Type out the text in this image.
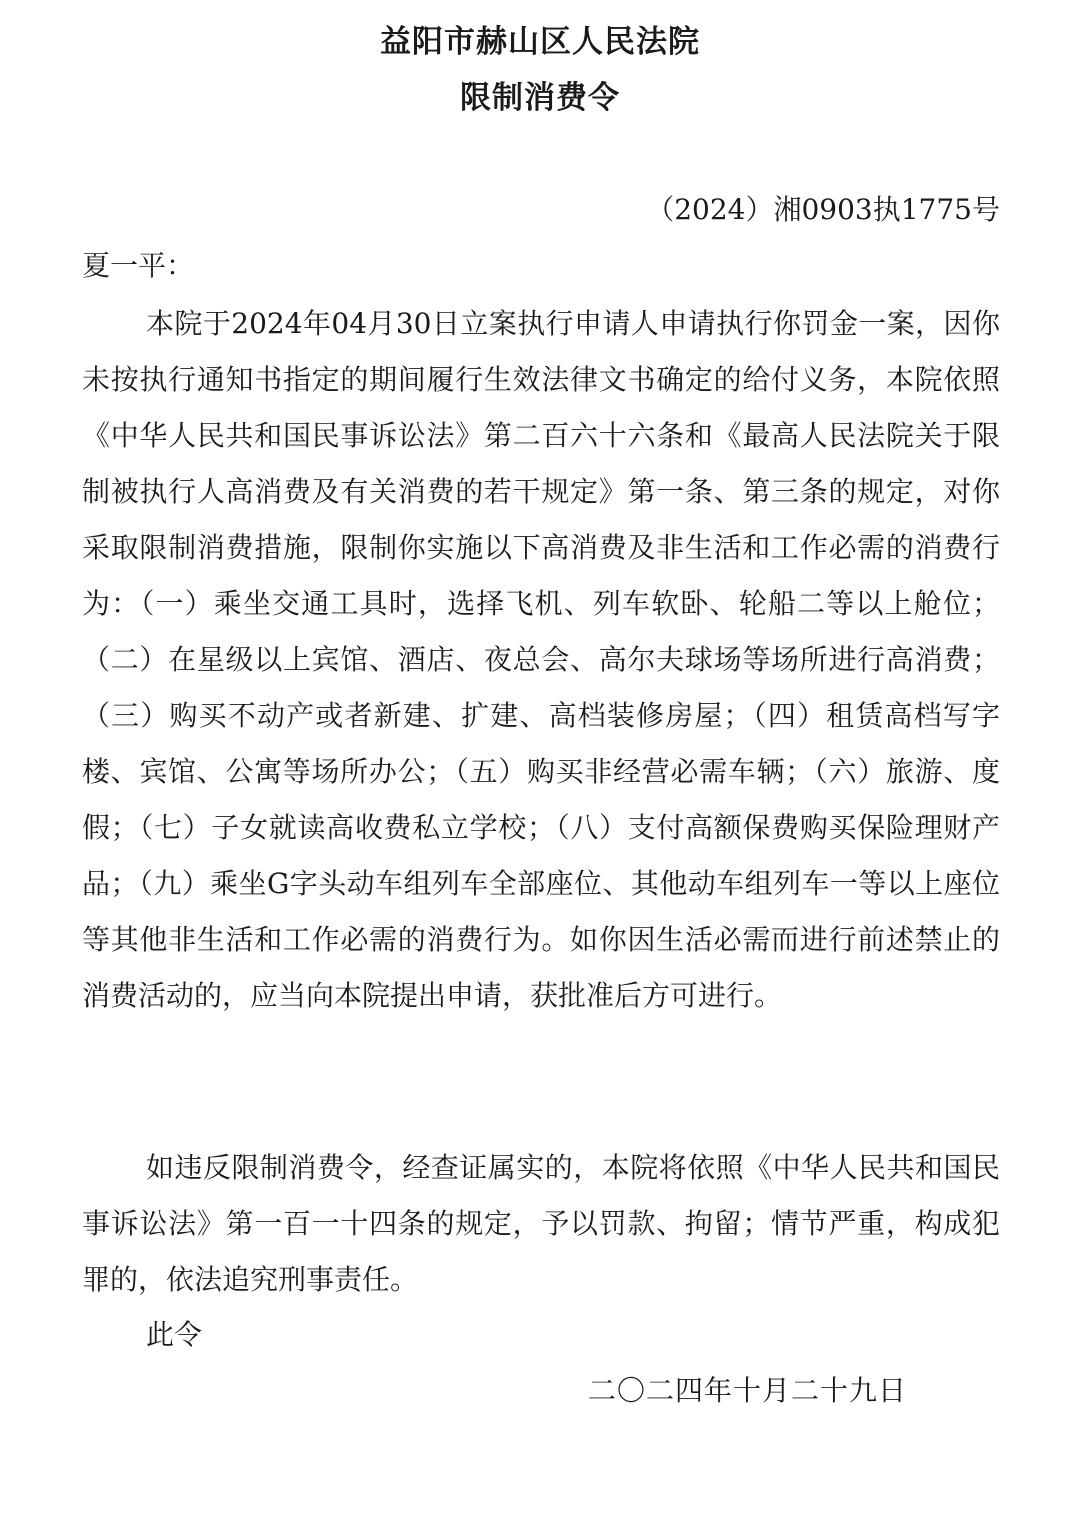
益阳市赫山区人民法院
限制消费令
（2024）湘0903执1775号
夏一平：

本院于2024年04月30日立案执行申请人申请执行你罚金一案，因你未按执行通知书指定的期间履行生效法律文书确定的给付义务，本院依照《中华人民共和国民事诉讼法》第二百六十六条和《最高人民法院关于限制被执行人高消费及有关消费的若干规定》第一条、第三条的规定，对你采取限制消费措施，限制你实施以下高消费及非生活和工作必需的消费行为：（一）乘坐交通工具时，选择飞机、列车软卧、轮船二等以上舱位；（二）在星级以上宾馆、酒店、夜总会、高尔夫球场等场所进行高消费；（三）购买不动产或者新建、扩建、高档装修房屋；（四）租赁高档写字楼、宾馆、公寓等场所办公；（五）购买非经营必需车辆；（六）旅游、度假；（七）子女就读高收费私立学校；（八）支付高额保费购买保险理财产品；（九）乘坐G字头动车组列车全部座位、其他动车组列车一等以上座位等其他非生活和工作必需的消费行为。如你因生活必需而进行前述禁止的消费活动的，应当向本院提出申请，获批准后方可进行。

如违反限制消费令，经查证属实的，本院将依照《中华人民共和国民事诉讼法》第一百一十四条的规定，予以罚款、拘留；情节严重，构成犯罪的，依法追究刑事责任。

此令
二〇二四年十月二十九日
